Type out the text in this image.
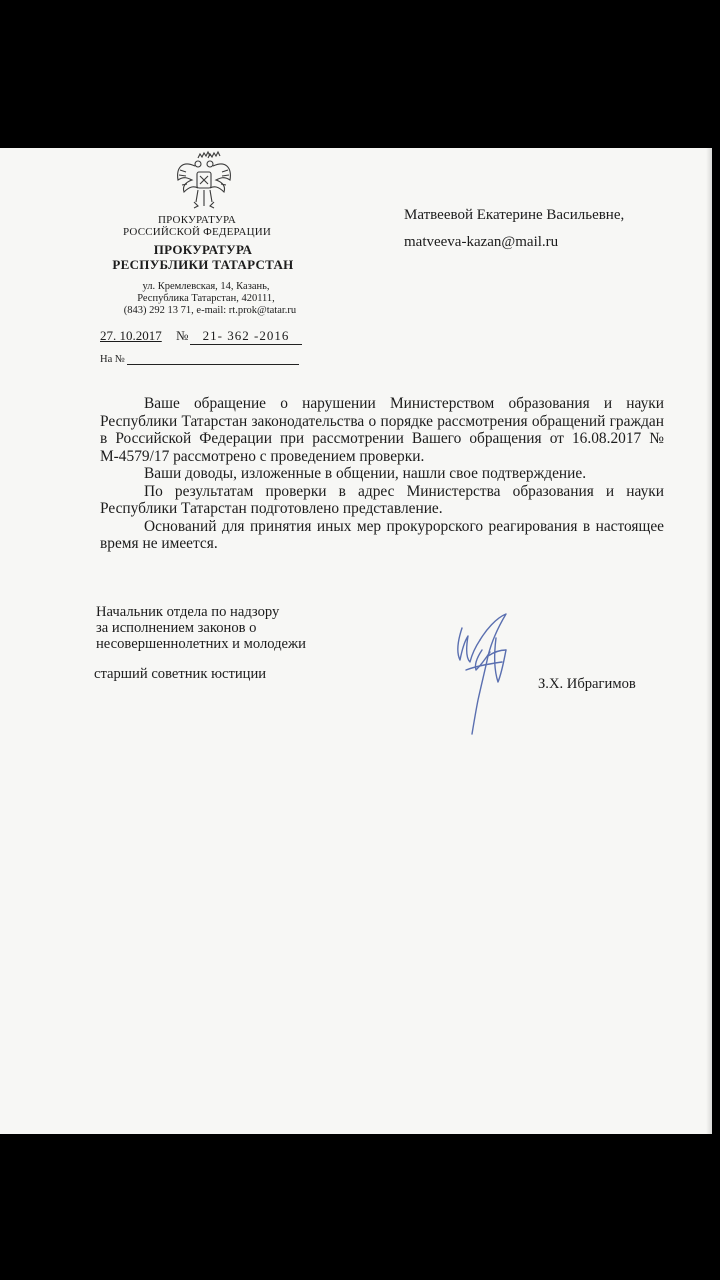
ПРОКУРАТУРА
РОССИЙСКОЙ ФЕДЕРАЦИИ
ПРОКУРАТУРА
РЕСПУБЛИКИ ТАТАРСТАН
ул. Кремлевская, 14, Казань,
Республика Татарстан, 420111,
(843) 292 13 71, e-mail: rt.prok@tatar.ru
27. 10.2017 №	21- 362 -2016
На №
Матвеевой Екатерине Васильевне,
matveeva-kazan@mail.ru

Ваше обращение о нарушении Министерством образования и науки Республики Татарстан законодательства о порядке рассмотрения обращений граждан в Российской Федерации при рассмотрении Вашего обращения от 16.08.2017 № М-4579/17 рассмотрено с проведением проверки.

Ваши доводы, изложенные в общении, нашли свое подтверждение.

По результатам проверки в адрес Министерства образования и науки Республики Татарстан подготовлено представление.

Оснований для принятия иных мер прокурорского реагирования в настоящее время не имеется.

Начальник отдела по надзору
за исполнением законов о
несовершеннолетних и молодежи
старший советник юстиции
З.Х. Ибрагимов
